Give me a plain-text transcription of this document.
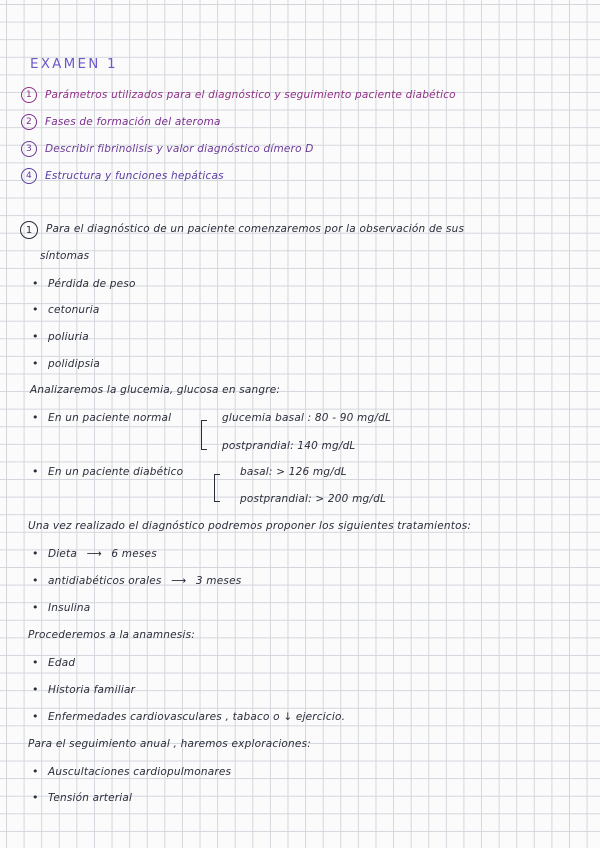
EXAMEN 1
1	Parámetros utilizados para el diagnóstico y seguimiento paciente diabético
2	Fases de formación del ateroma
3	Describir fibrinolisis y valor diagnóstico dímero D
4	Estructura y funciones hepáticas
1	Para el diagnóstico de un paciente comenzaremos por la observación de sus
síntomas
• Pérdida de peso
• cetonuria
• poliuria
• polidipsia
Analizaremos la glucemia, glucosa en sangre:
• En un paciente normal	glucemia basal : 80 - 90 mg/dL
postprandial: 140 mg/dL
• En un paciente diabético	basal: > 126 mg/dL
postprandial: > 200 mg/dL
Una vez realizado el diagnóstico podremos proponer los siguientes tratamientos:
• Dieta ⟶ 6 meses
• antidiabéticos orales ⟶ 3 meses
• Insulina
Procederemos a la anamnesis:
• Edad
• Historia familiar
• Enfermedades cardiovasculares , tabaco o ↓ ejercicio.
Para el seguimiento anual , haremos exploraciones:
• Auscultaciones cardiopulmonares
• Tensión arterial
